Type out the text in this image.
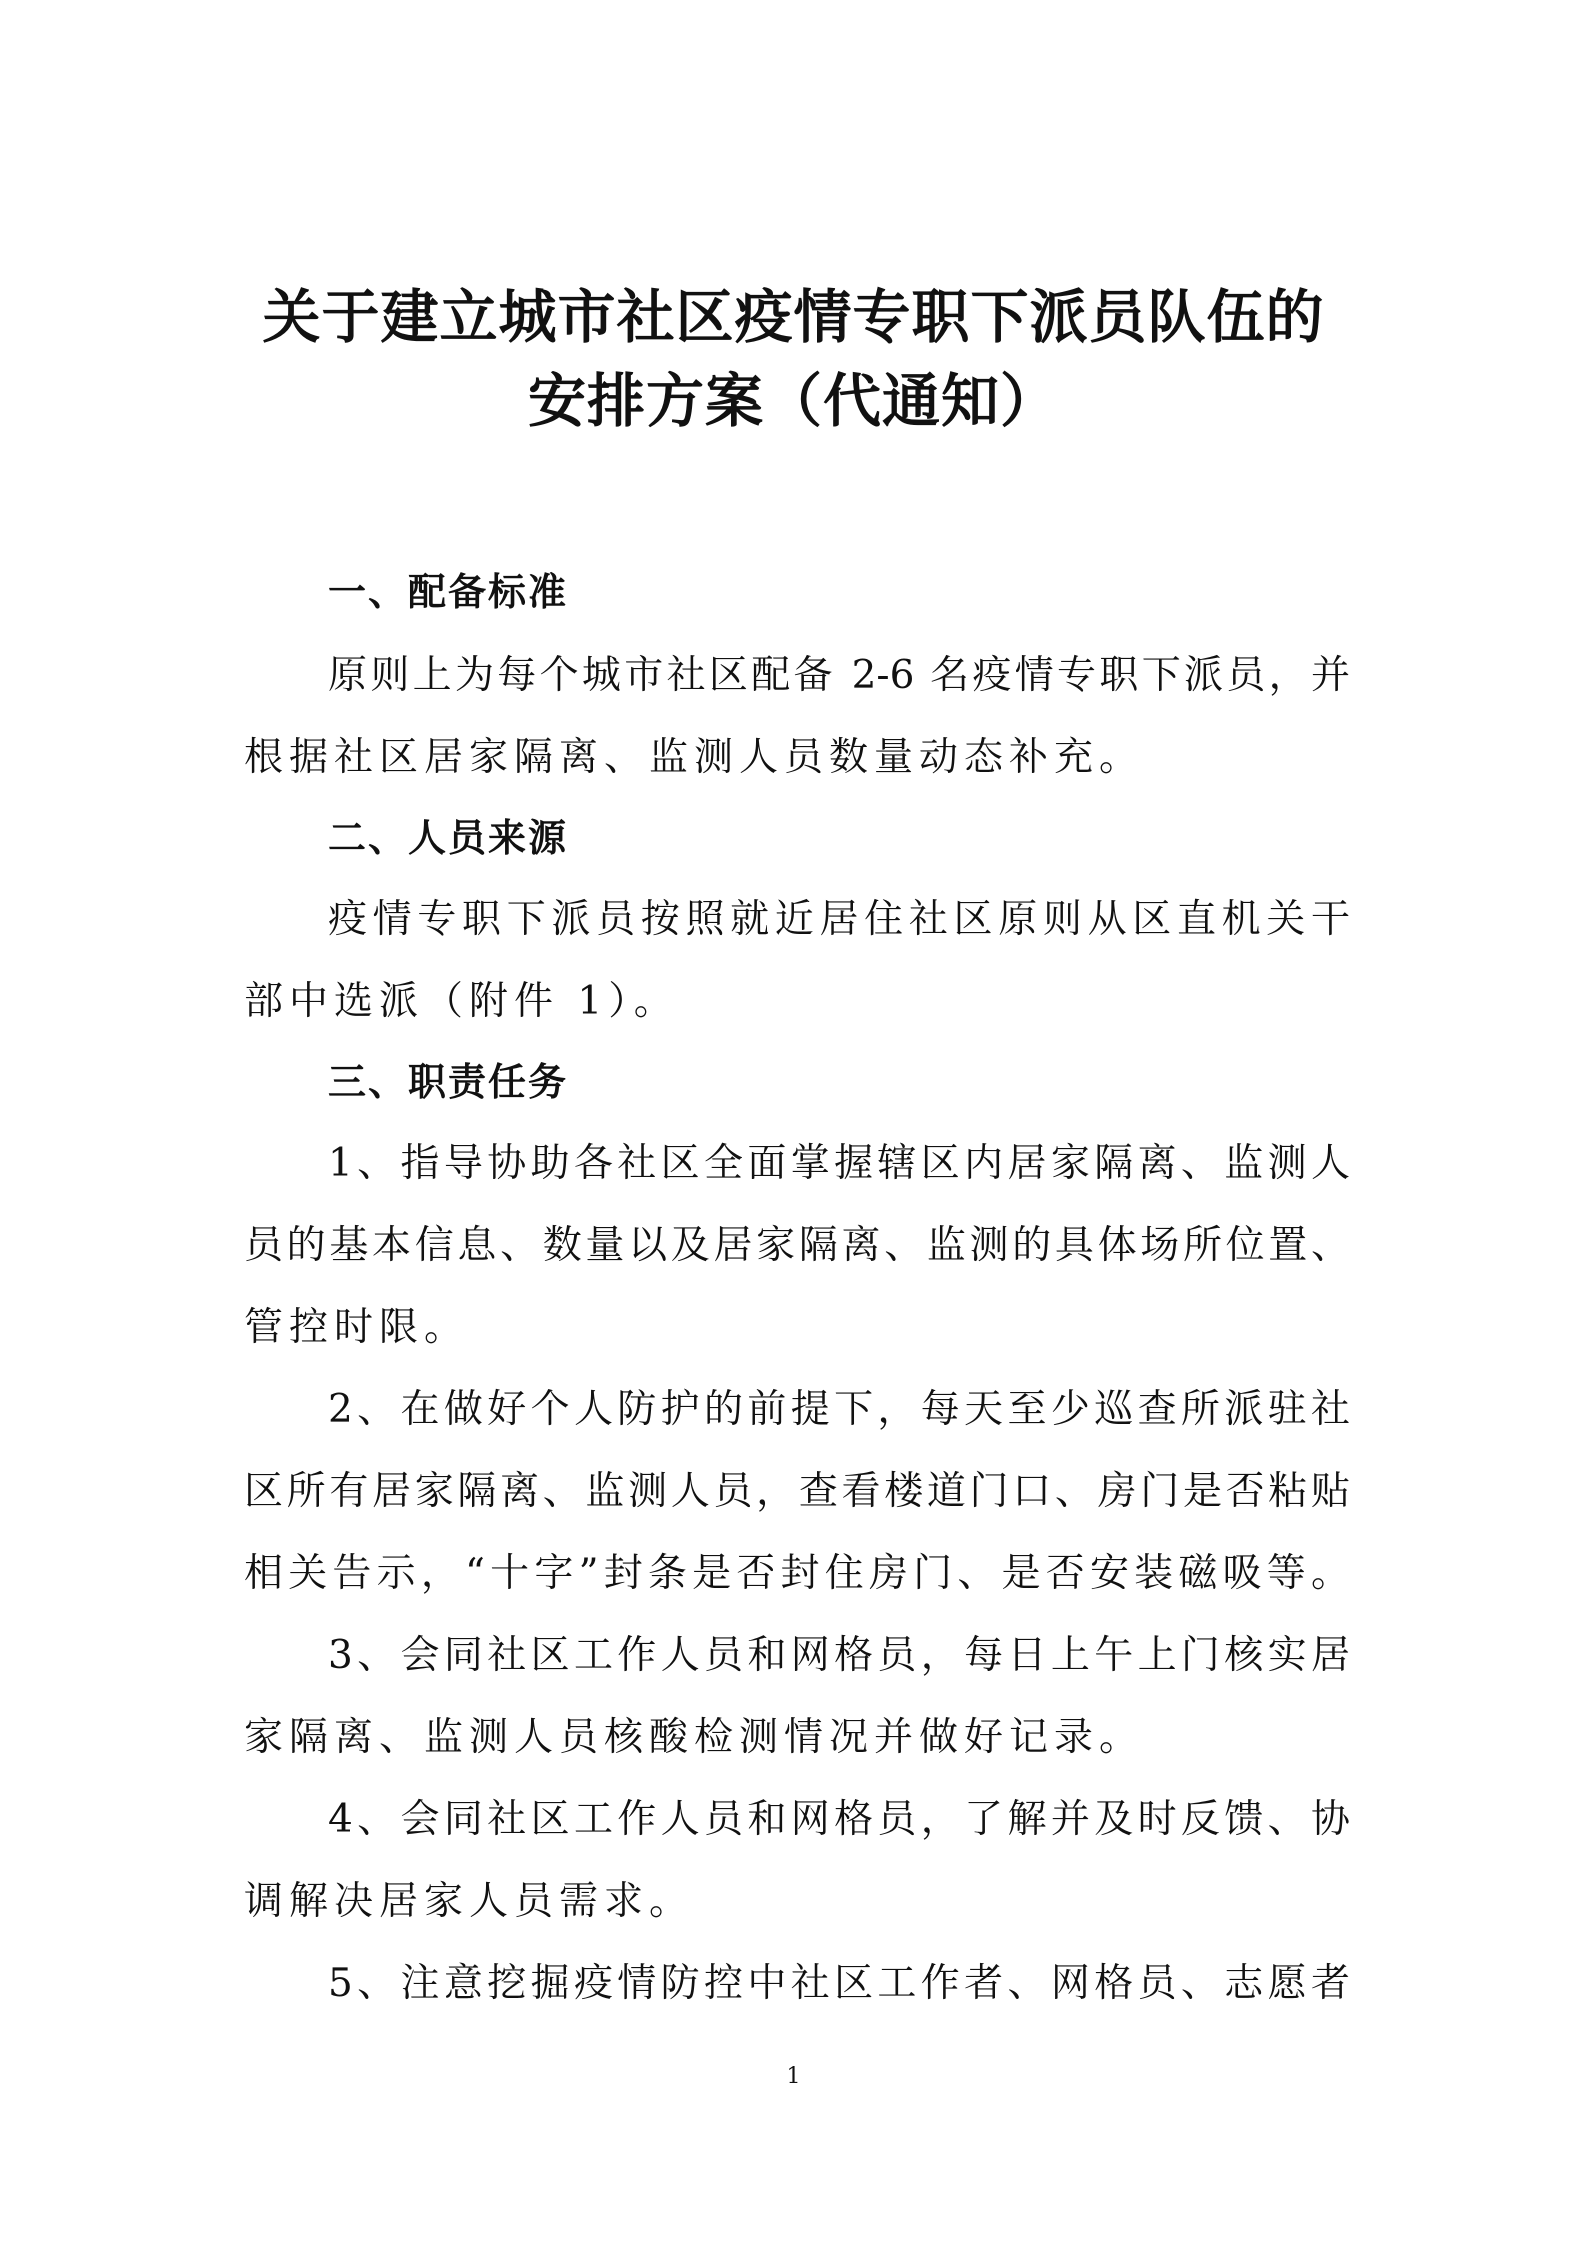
关于建立城市社区疫情专职下派员队伍的
安排方案（代通知）
一、配备标准
原则上为每个城市社区配备 2-6 名疫情专职下派员，并
根据社区居家隔离、监测人员数量动态补充。
二、人员来源
疫情专职下派员按照就近居住社区原则从区直机关干
部中选派（附件 1）。
三、职责任务
1、指导协助各社区全面掌握辖区内居家隔离、监测人
员的基本信息、数量以及居家隔离、监测的具体场所位置、
管控时限。
2、在做好个人防护的前提下，每天至少巡查所派驻社
区所有居家隔离、监测人员，查看楼道门口、房门是否粘贴
相关告示，“十字”封条是否封住房门、是否安装磁吸等。
3、会同社区工作人员和网格员，每日上午上门核实居
家隔离、监测人员核酸检测情况并做好记录。
4、会同社区工作人员和网格员，了解并及时反馈、协
调解决居家人员需求。
5、注意挖掘疫情防控中社区工作者、网格员、志愿者
1
